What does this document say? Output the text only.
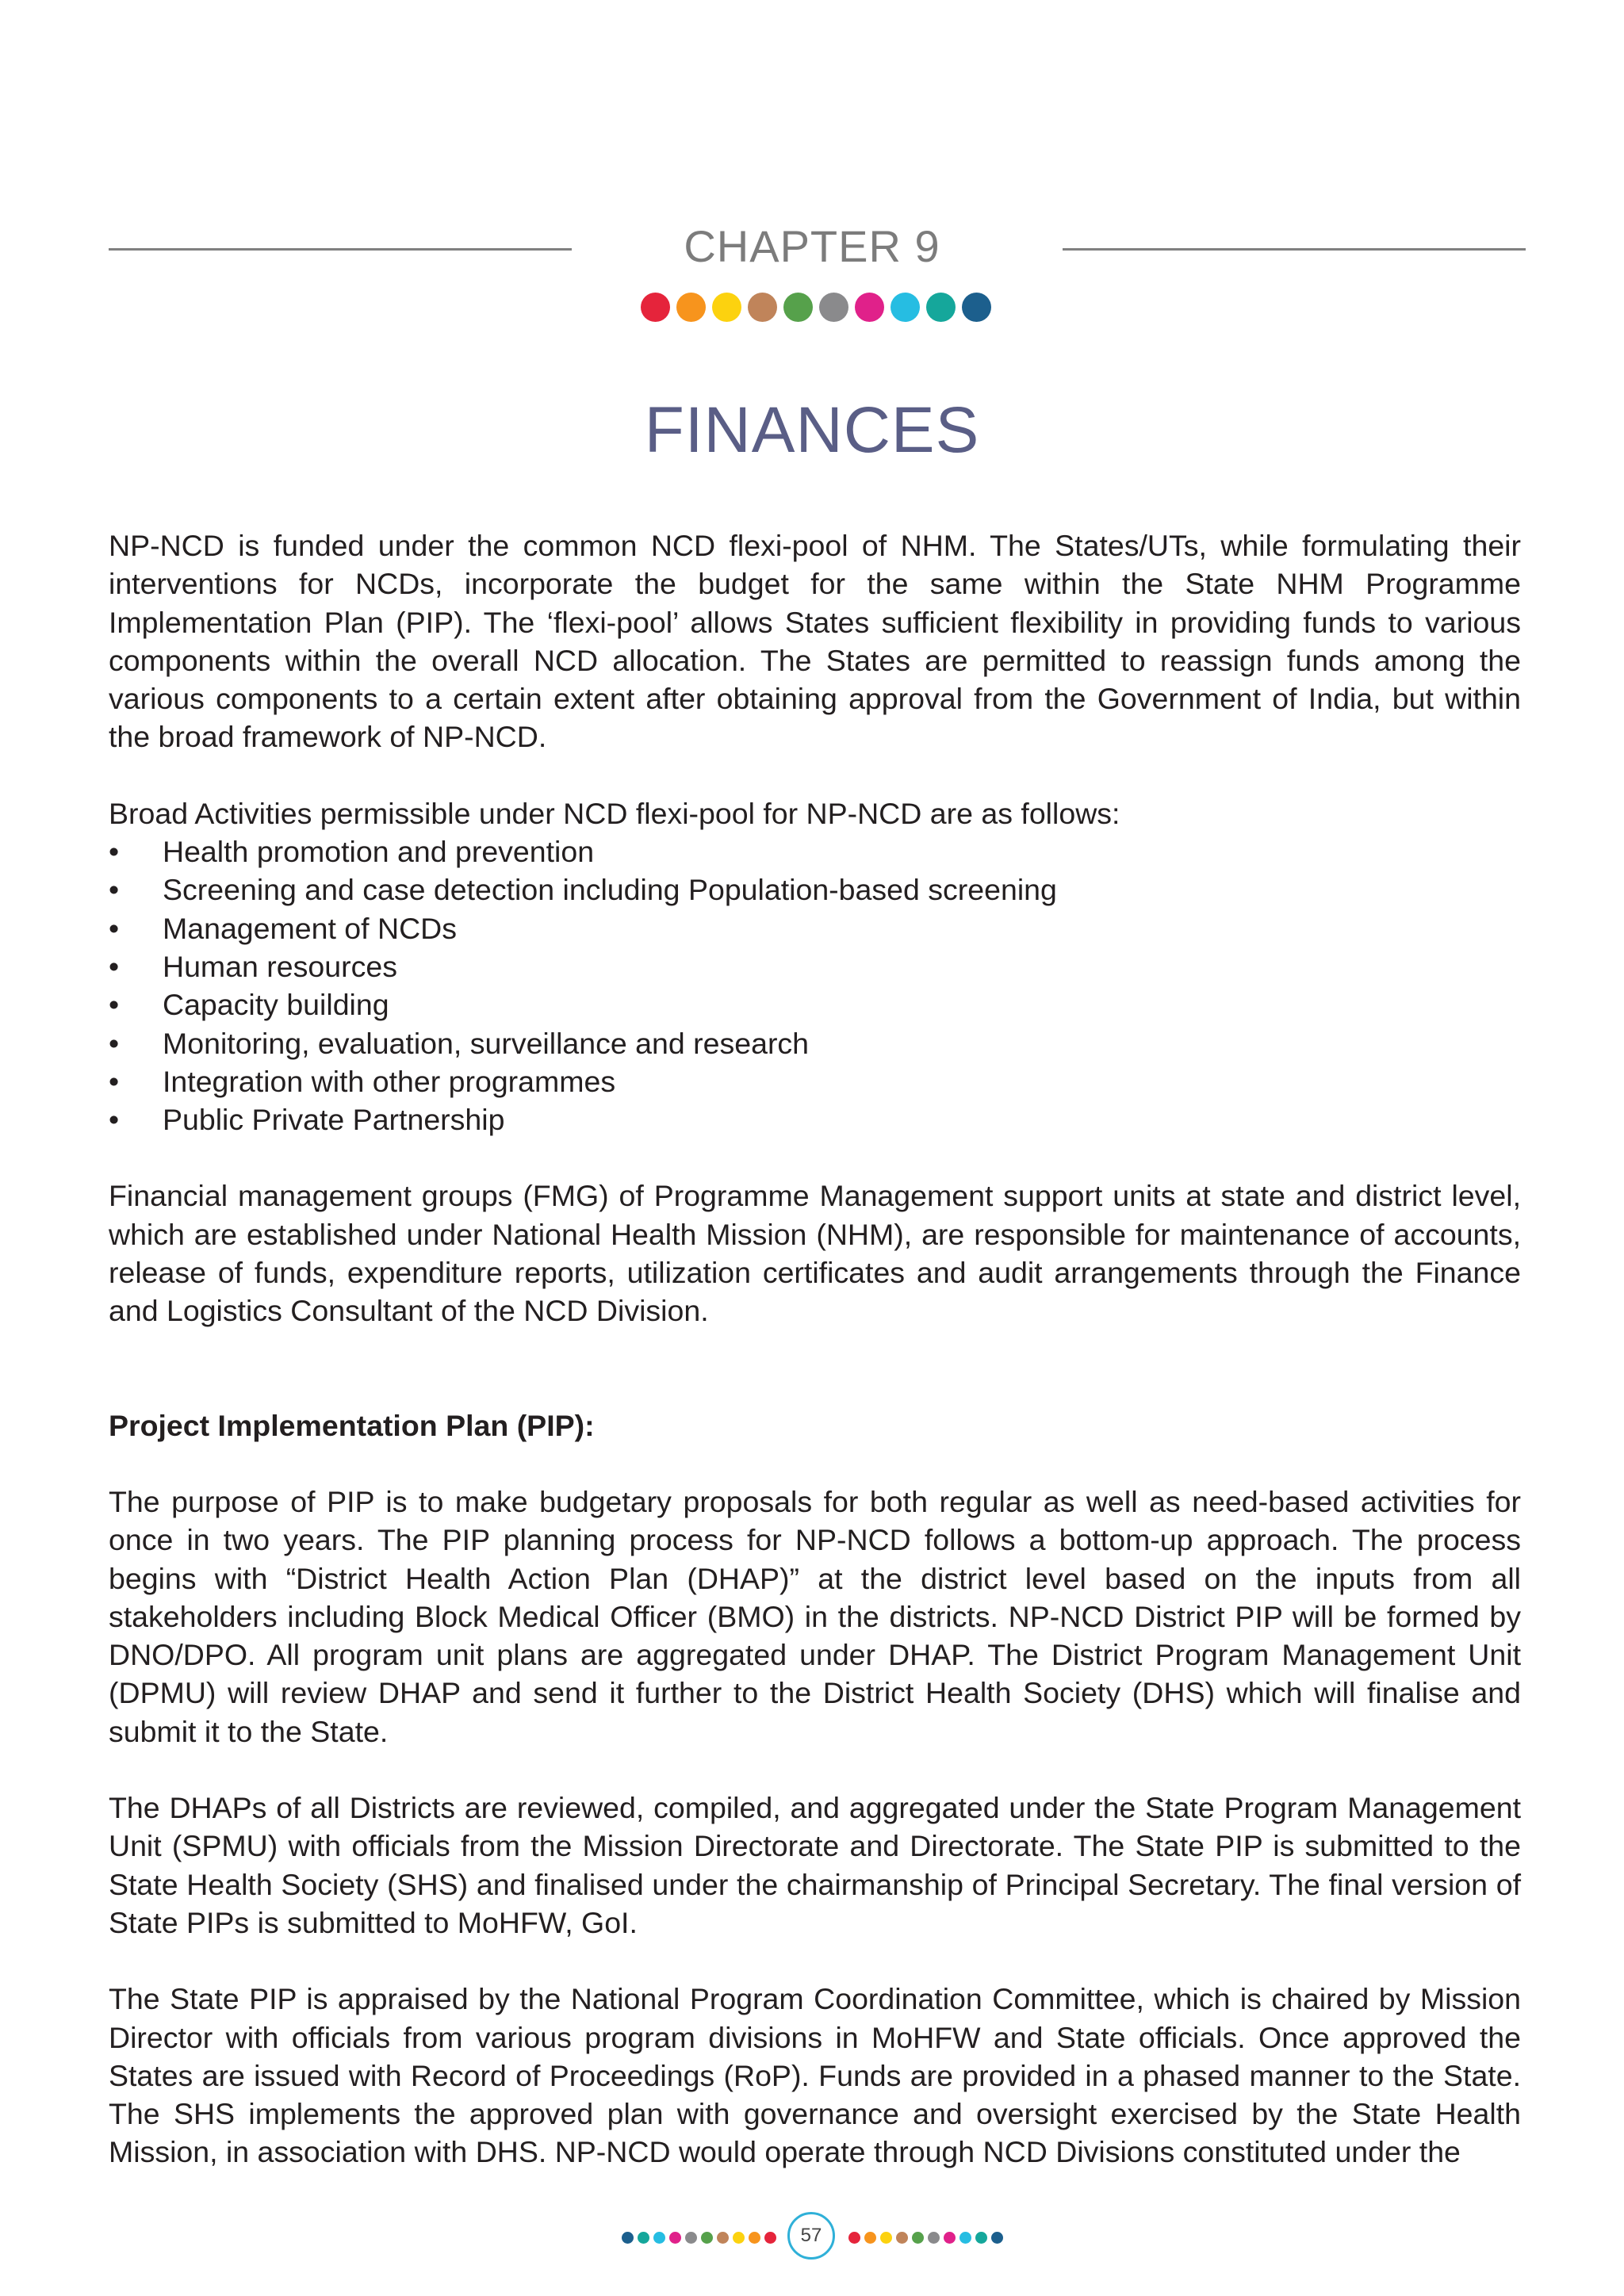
CHAPTER 9
FINANCES

NP-NCD is funded under the common NCD flexi-pool of NHM. The States/UTs, while formulating their interventions for NCDs, incorporate the budget for the same within the State NHM Programme Implementation Plan (PIP). The ‘flexi-pool’ allows States sufficient flexibility in providing funds to various components within the overall NCD allocation. The States are permitted to reassign funds among the various components to a certain extent after obtaining approval from the Government of India, but within the broad framework of NP-NCD.

Broad Activities permissible under NCD flexi-pool for NP-NCD are as follows:

• Health promotion and prevention
• Screening and case detection including Population-based screening
• Management of NCDs
• Human resources
• Capacity building
• Monitoring, evaluation, surveillance and research
• Integration with other programmes
• Public Private Partnership

Financial management groups (FMG) of Programme Management support units at state and district level, which are established under National Health Mission (NHM), are responsible for maintenance of accounts, release of funds, expenditure reports, utilization certificates and audit arrangements through the Finance and Logistics Consultant of the NCD Division.

Project Implementation Plan (PIP):

The purpose of PIP is to make budgetary proposals for both regular as well as need-based activities for once in two years. The PIP planning process for NP-NCD follows a bottom-up approach. The process begins with “District Health Action Plan (DHAP)” at the district level based on the inputs from all stakeholders including Block Medical Officer (BMO) in the districts. NP-NCD District PIP will be formed by DNO/DPO. All program unit plans are aggregated under DHAP. The District Program Management Unit (DPMU) will review DHAP and send it further to the District Health Society (DHS) which will finalise and submit it to the State.

The DHAPs of all Districts are reviewed, compiled, and aggregated under the State Program Management Unit (SPMU) with officials from the Mission Directorate and Directorate. The State PIP is submitted to the State Health Society (SHS) and finalised under the chairmanship of Principal Secretary. The final version of State PIPs is submitted to MoHFW, GoI.

The State PIP is appraised by the National Program Coordination Committee, which is chaired by Mission Director with officials from various program divisions in MoHFW and State officials. Once approved the States are issued with Record of Proceedings (RoP). Funds are provided in a phased manner to the State. The SHS implements the approved plan with governance and oversight exercised by the State Health Mission, in association with DHS. NP-NCD would operate through NCD Divisions constituted under the

57
